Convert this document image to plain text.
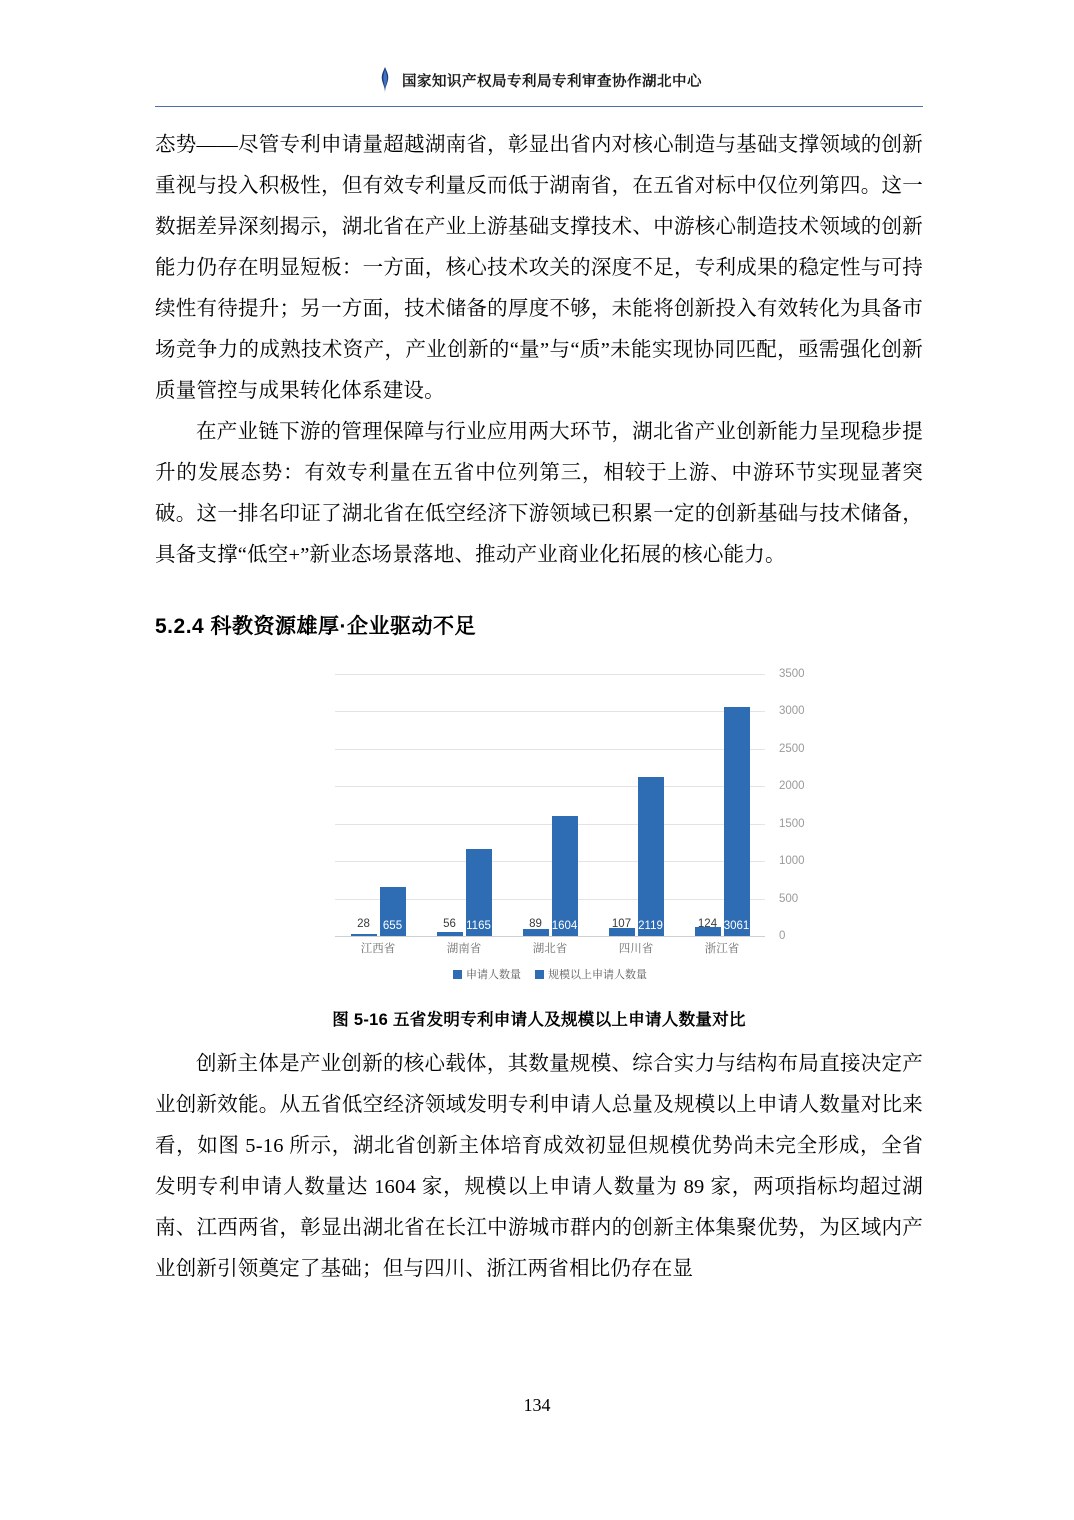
国家知识产权局专利局专利审查协作湖北中心

态势——尽管专利申请量超越湖南省，彰显出省内对核心制造与基础支撑领域的创新重视与投入积极性，但有效专利量反而低于湖南省，在五省对标中仅位列第四。这一数据差异深刻揭示，湖北省在产业上游基础支撑技术、中游核心制造技术领域的创新能力仍存在明显短板：一方面，核心技术攻关的深度不足，专利成果的稳定性与可持续性有待提升；另一方面，技术储备的厚度不够，未能将创新投入有效转化为具备市场竞争力的成熟技术资产，产业创新的“量”与“质”未能实现协同匹配，亟需强化创新质量管控与成果转化体系建设。

在产业链下游的管理保障与行业应用两大环节，湖北省产业创新能力呈现稳步提升的发展态势：有效专利量在五省中位列第三，相较于上游、中游环节实现显著突破。这一排名印证了湖北省在低空经济下游领域已积累一定的创新基础与技术储备，具备支撑“低空+”新业态场景落地、推动产业商业化拓展的核心能力。

5.2.4 科教资源雄厚·企业驱动不足
3500
3000
2500
2000
1500
1000
500
0
28 655	56 1165	89 1604	107 2119	124 3061
江西省	湖南省	湖北省	四川省	浙江省
申请人数量 规模以上申请人数量
图 5-16 五省发明专利申请人及规模以上申请人数量对比

创新主体是产业创新的核心载体，其数量规模、综合实力与结构布局直接决定产业创新效能。从五省低空经济领域发明专利申请人总量及规模以上申请人数量对比来看，如图 5-16 所示，湖北省创新主体培育成效初显但规模优势尚未完全形成，全省发明专利申请人数量达 1604 家，规模以上申请人数量为 89 家，两项指标均超过湖南、江西两省，彰显出湖北省在长江中游城市群内的创新主体集聚优势，为区域内产业创新引领奠定了基础；但与四川、浙江两省相比仍存在显

134
